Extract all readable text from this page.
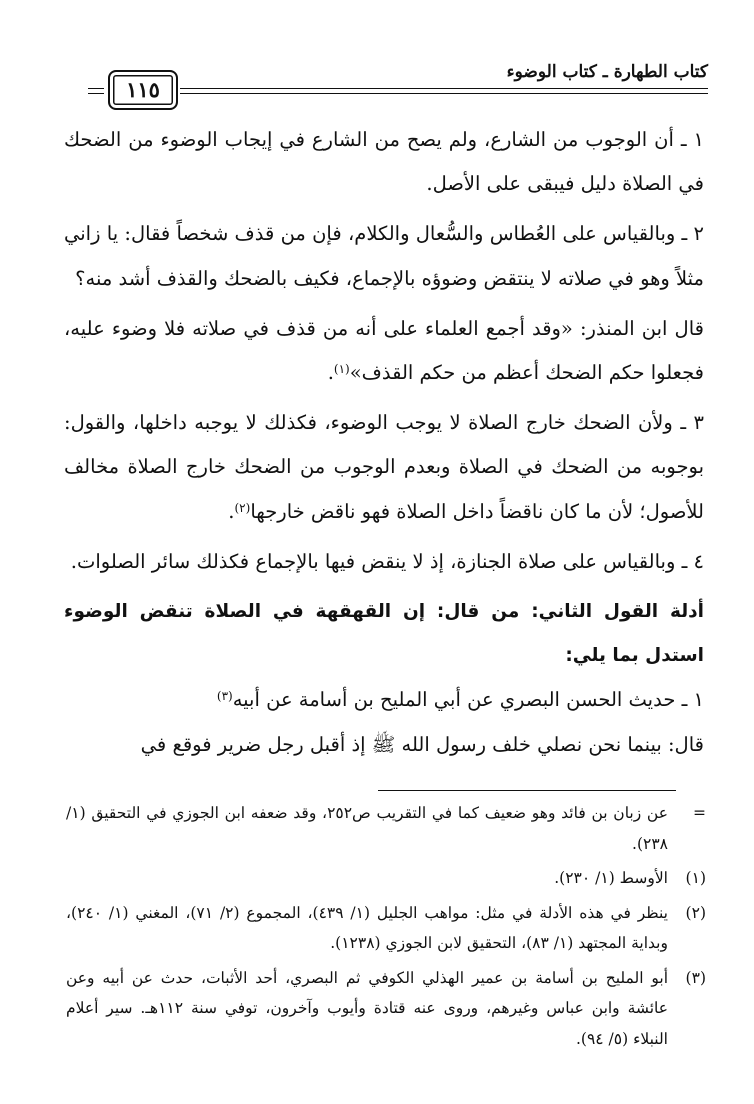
كتاب الطهارة ـ كتاب الوضوء
١١٥

١ ـ أن الوجوب من الشارع، ولم يصح من الشارع في إيجاب الوضوء من الضحك في الصلاة دليل فيبقى على الأصل.

٢ ـ وبالقياس على العُطاس والسُّعال والكلام، فإن من قذف شخصاً فقال: يا زاني مثلاً وهو في صلاته لا ينتقض وضوؤه بالإجماع، فكيف بالضحك والقذف أشد منه؟

قال ابن المنذر: «وقد أجمع العلماء على أنه من قذف في صلاته فلا وضوء عليه، فجعلوا حكم الضحك أعظم من حكم القذف»$^{(١)}$.

٣ ـ ولأن الضحك خارج الصلاة لا يوجب الوضوء، فكذلك لا يوجبه داخلها، والقول: بوجوبه من الضحك في الصلاة وبعدم الوجوب من الضحك خارج الصلاة مخالف للأصول؛ لأن ما كان ناقضاً داخل الصلاة فهو ناقض خارجها$^{(٢)}$.

٤ ـ وبالقياس على صلاة الجنازة، إذ لا ينقض فيها بالإجماع فكذلك سائر الصلوات.

أدلة القول الثاني: من قال: إن القهقهة في الصلاة تنقض الوضوء استدل بما يلي:

١ ـ حديث الحسن البصري عن أبي المليح بن أسامة عن أبيه$^{(٣)}$

قال: بينما نحن نصلي خلف رسول الله ﷺ إذ أقبل رجل ضرير فوقع في

=
عن زبان بن فائد وهو ضعيف كما في التقريب ص٢٥٢، وقد ضعفه ابن الجوزي في التحقيق (١/ ٢٣٨).
(١)
الأوسط (١/ ٢٣٠).
(٢)
ينظر في هذه الأدلة في مثل: مواهب الجليل (١/ ٤٣٩)، المجموع (٢/ ٧١)، المغني (١/ ٢٤٠)، وبداية المجتهد (١/ ٨٣)، التحقيق لابن الجوزي (١٢٣٨).
(٣)
أبو المليح بن أسامة بن عمير الهذلي الكوفي ثم البصري، أحد الأثبات، حدث عن أبيه وعن عائشة وابن عباس وغيرهم، وروى عنه قتادة وأيوب وآخرون، توفي سنة ١١٢هـ. سير أعلام النبلاء (٥/ ٩٤).
